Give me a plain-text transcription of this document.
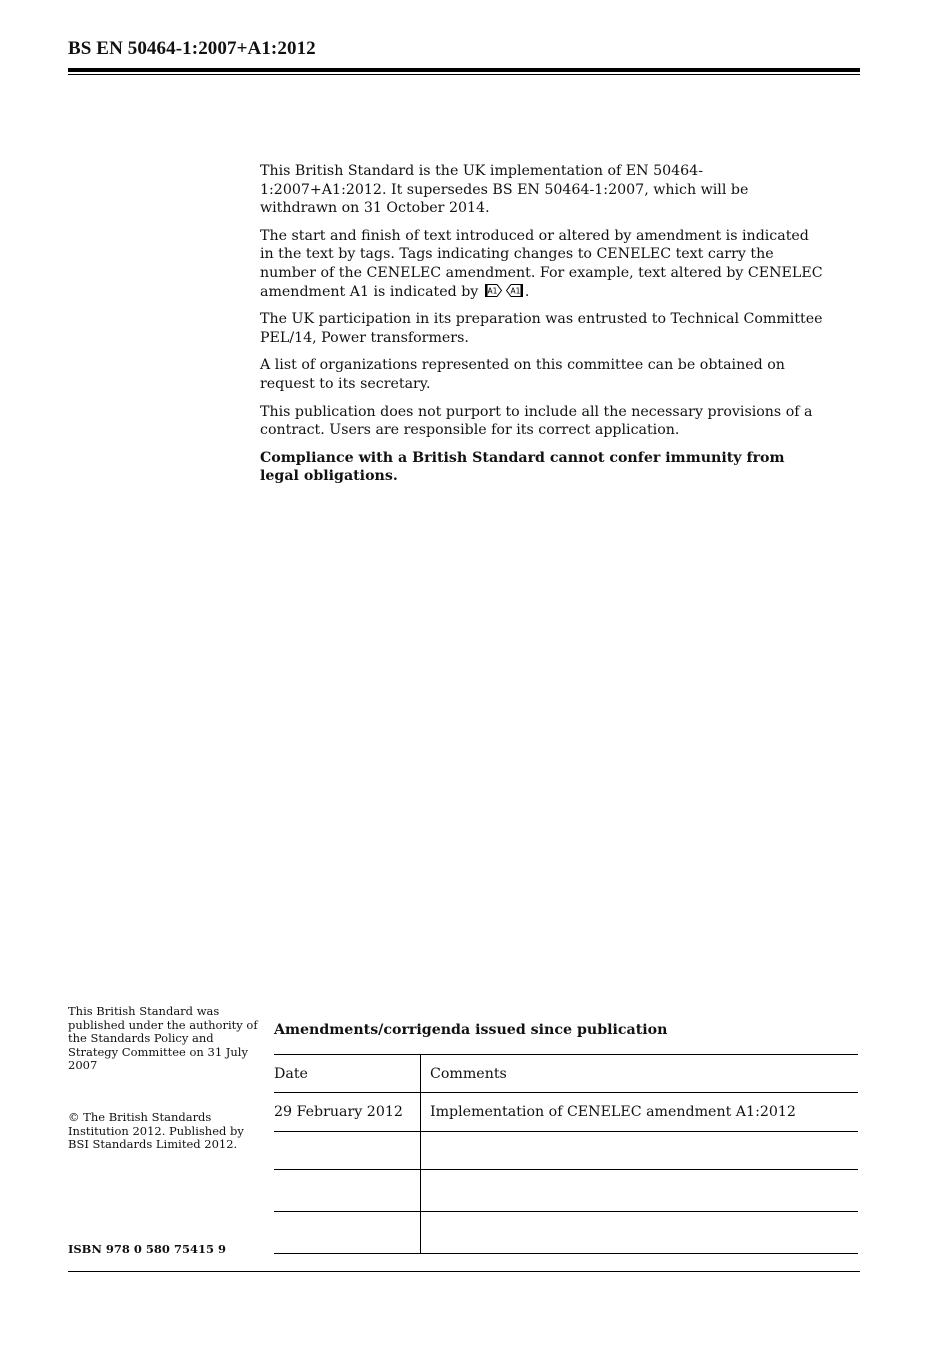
BS EN 50464-1:2007+A1:2012

This British Standard is the UK implementation of EN 50464-1:2007+A1:2012. It supersedes BS EN 50464-1:2007, which will be withdrawn on 31 October 2014.

The start and finish of text introduced or altered by amendment is indicated in the text by tags. Tags indicating changes to CENELEC text carry the number of the CENELEC amendment. For example, text altered by CENELEC amendment A1 is indicated by A1 A1 .

The UK participation in its preparation was entrusted to Technical Committee PEL/14, Power transformers.

A list of organizations represented on this committee can be obtained on request to its secretary.

This publication does not purport to include all the necessary provisions of a contract. Users are responsible for its correct application.

Compliance with a British Standard cannot confer immunity from legal obligations.

This British Standard was published under the authority of the Standards Policy and Strategy Committee on 31 July 2007

© The British Standards Institution 2012. Published by BSI Standards Limited 2012.

ISBN 978 0 580 75415 9
Amendments/corrigenda issued since publication
Date	Comments
29 February 2012	Implementation of CENELEC amendment A1:2012
